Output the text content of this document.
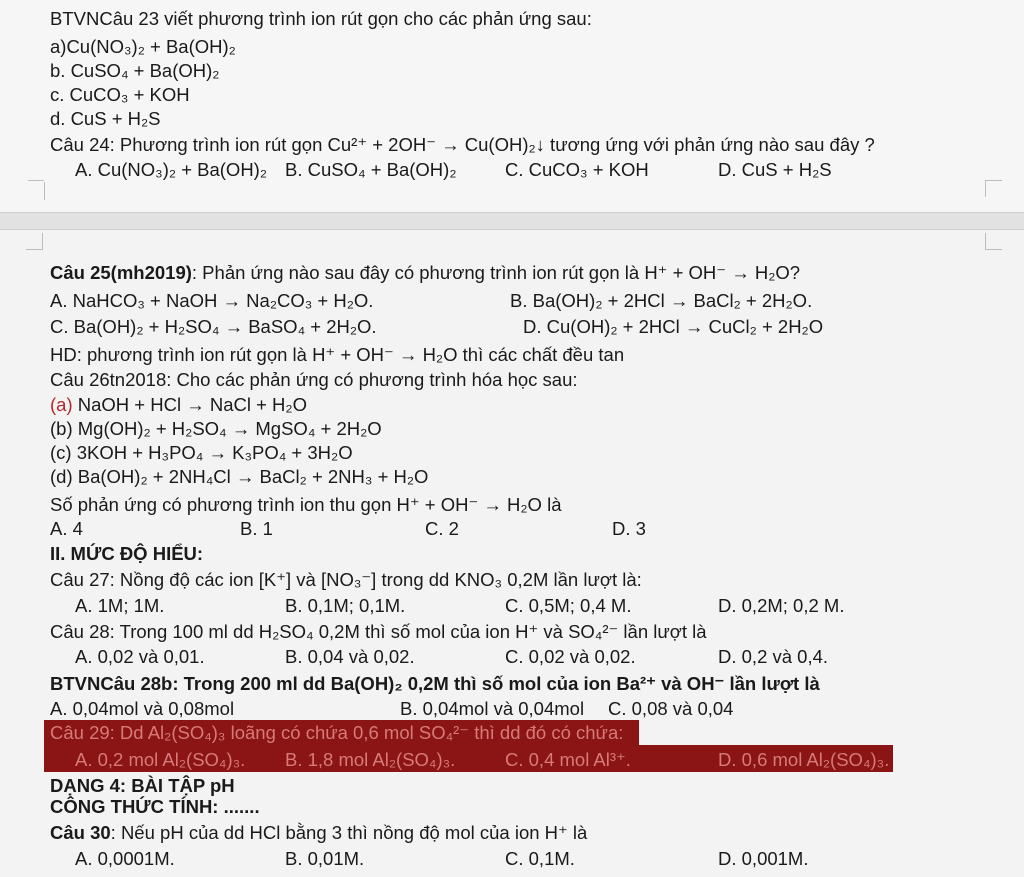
BTVNCâu 23 viết phương trình ion rút gọn cho các phản ứng sau:
a)Cu(NO₃)₂ + Ba(OH)₂
b. CuSO₄ + Ba(OH)₂
c. CuCO₃ + KOH
d. CuS + H₂S
Câu 24: Phương trình ion rút gọn Cu²⁺ + 2OH⁻ → Cu(OH)₂↓ tương ứng với phản ứng nào sau đây ?
A. Cu(NO₃)₂ + Ba(OH)₂ B. CuSO₄ + Ba(OH)₂	C. CuCO₃ + KOH	D. CuS + H₂S
Câu 25(mh2019): Phản ứng nào sau đây có phương trình ion rút gọn là H⁺ + OH⁻ → H₂O?
A. NaHCO₃ + NaOH → Na₂CO₃ + H₂O.	B. Ba(OH)₂ + 2HCl → BaCl₂ + 2H₂O.
C. Ba(OH)₂ + H₂SO₄ → BaSO₄ + 2H₂O.	D. Cu(OH)₂ + 2HCl → CuCl₂ + 2H₂O
HD: phương trình ion rút gọn là H⁺ + OH⁻ → H₂O thì các chất đều tan
Câu 26tn2018: Cho các phản ứng có phương trình hóa học sau:
(a) NaOH + HCl → NaCl + H₂O
(b) Mg(OH)₂ + H₂SO₄ → MgSO₄ + 2H₂O
(c) 3KOH + H₃PO₄ → K₃PO₄ + 3H₂O
(d) Ba(OH)₂ + 2NH₄Cl → BaCl₂ + 2NH₃ + H₂O
Số phản ứng có phương trình ion thu gọn H⁺ + OH⁻ → H₂O là
A. 4	B. 1	C. 2	D. 3
II. MỨC ĐỘ HIỂU:
Câu 27: Nồng độ các ion [K⁺] và [NO₃⁻] trong dd KNO₃ 0,2M lần lượt là:
A. 1M; 1M.	B. 0,1M; 0,1M.	C. 0,5M; 0,4 M.	D. 0,2M; 0,2 M.
Câu 28: Trong 100 ml dd H₂SO₄ 0,2M thì số mol của ion H⁺ và SO₄²⁻ lần lượt là
A. 0,02 và 0,01.	B. 0,04 và 0,02.	C. 0,02 và 0,02.	D. 0,2 và 0,4.
BTVNCâu 28b: Trong 200 ml dd Ba(OH)₂ 0,2M thì số mol của ion Ba²⁺ và OH⁻ lần lượt là
A. 0,04mol và 0,08mol	B. 0,04mol và 0,04mol C. 0,08 và 0,04
Câu 29: Dd Al₂(SO₄)₃ loãng có chứa 0,6 mol SO₄²⁻ thì dd đó có chứa:
A. 0,2 mol Al₂(SO₄)₃. B. 1,8 mol Al₂(SO₄)₃.	C. 0,4 mol Al³⁺.	D. 0,6 mol Al₂(SO₄)₃.
DẠNG 4: BÀI TẬP pH
CÔNG THỨC TÍNH: .......
Câu 30: Nếu pH của dd HCl bằng 3 thì nồng độ mol của ion H⁺ là
A. 0,0001M.	B. 0,01M.	C. 0,1M.	D. 0,001M.
